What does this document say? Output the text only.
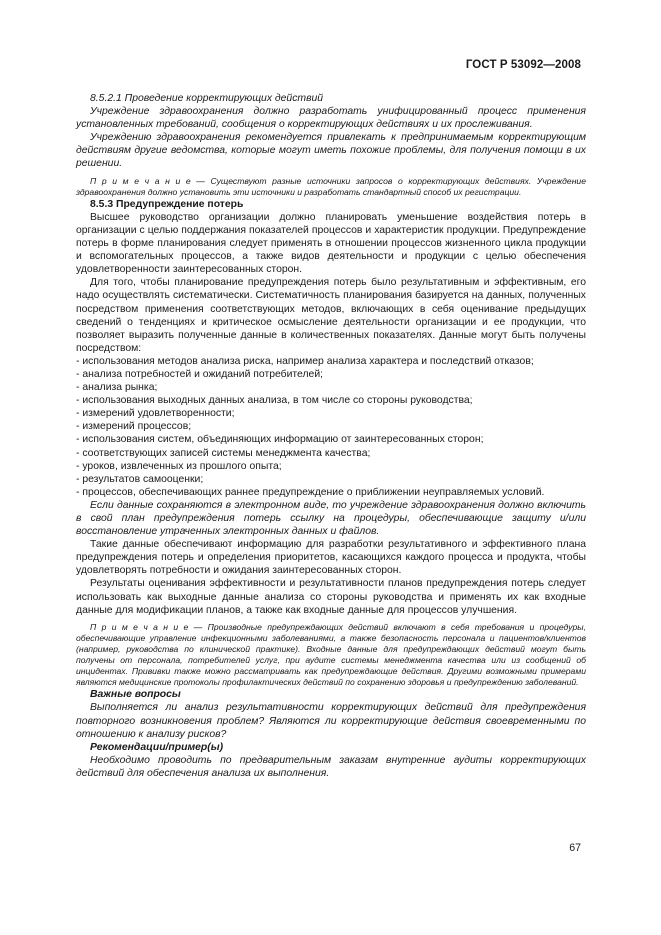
ГОСТ Р 53092—2008

8.5.2.1 Проведение корректирующих действий

Учреждение здравоохранения должно разработать унифицированный процесс применения установленных требований, сообщения о корректирующих действиях и их прослеживания.

Учреждению здравоохранения рекомендуется привлекать к предпринимаемым корректирующим действиям другие ведомства, которые могут иметь похожие проблемы, для получения помощи в их решении.

П р и м е ч а н и е — Существуют разные источники запросов о корректирующих действиях. Учреждение здравоохранения должно установить эти источники и разработать стандартный способ их регистрации.

8.5.3 Предупреждение потерь

Высшее руководство организации должно планировать уменьшение воздействия потерь в организации с целью поддержания показателей процессов и характеристик продукции. Предупреждение потерь в форме планирования следует применять в отношении процессов жизненного цикла продукции и вспомогательных процессов, а также видов деятельности и продукции с целью обеспечения удовлетворенности заинтересованных сторон.

Для того, чтобы планирование предупреждения потерь было результативным и эффективным, его надо осуществлять систематически. Систематичность планирования базируется на данных, полученных посредством применения соответствующих методов, включающих в себя оценивание предыдущих сведений о тенденциях и критическое осмысление деятельности организации и ее продукции, что позволяет выразить полученные данные в количественных показателях. Данные могут быть получены посредством:

- использования методов анализа риска, например анализа характера и последствий отказов;

- анализа потребностей и ожиданий потребителей;

- анализа рынка;

- использования выходных данных анализа, в том числе со стороны руководства;

- измерений удовлетворенности;

- измерений процессов;

- использования систем, объединяющих информацию от заинтересованных сторон;

- соответствующих записей системы менеджмента качества;

- уроков, извлеченных из прошлого опыта;

- результатов самооценки;

- процессов, обеспечивающих раннее предупреждение о приближении неуправляемых условий.

Если данные сохраняются в электронном виде, то учреждение здравоохранения должно включить в свой план предупреждения потерь ссылку на процедуры, обеспечивающие защиту и/или восстановление утраченных электронных данных и файлов.

Такие данные обеспечивают информацию для разработки результативного и эффективного плана предупреждения потерь и определения приоритетов, касающихся каждого процесса и продукта, чтобы удовлетворять потребности и ожидания заинтересованных сторон.

Результаты оценивания эффективности и результативности планов предупреждения потерь следует использовать как выходные данные анализа со стороны руководства и применять их как входные данные для модификации планов, а также как входные данные для процессов улучшения.

П р и м е ч а н и е — Производные предупреждающих действий включают в себя требования и процедуры, обеспечивающие управление инфекционными заболеваниями, а также безопасность персонала и пациентов/клиентов (например, руководства по клинической практике). Входные данные для предупреждающих действий могут быть получены от персонала, потребителей услуг, при аудите системы менеджмента качества или из сообщений об инцидентах. Прививки также можно рассматривать как предупреждающие действия. Другими возможными примерами являются медицинские протоколы профилактических действий по сохранению здоровья и предупреждению заболеваний.

Важные вопросы

Выполняется ли анализ результативности корректирующих действий для предупреждения повторного возникновения проблем? Являются ли корректирующие действия своевременными по отношению к анализу рисков?

Рекомендации/пример(ы)

Необходимо проводить по предварительным заказам внутренние аудиты корректирующих действий для обеспечения анализа их выполнения.

67
